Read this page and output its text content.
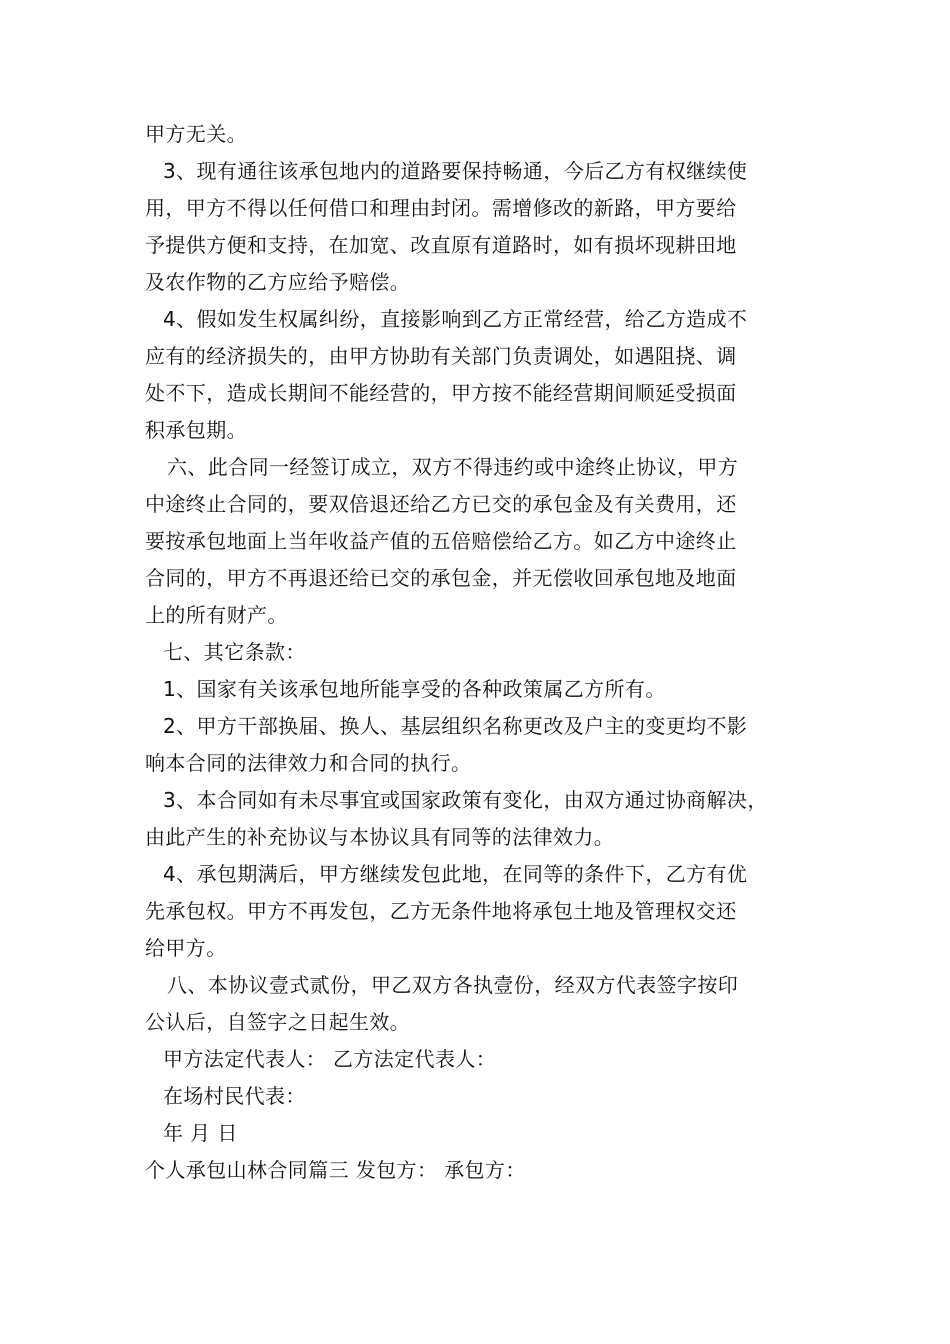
甲方无关。
3、现有通往该承包地内的道路要保持畅通，今后乙方有权继续使
用，甲方不得以任何借口和理由封闭。需增修改的新路，甲方要给
予提供方便和支持，在加宽、改直原有道路时，如有损坏现耕田地
及农作物的乙方应给予赔偿。
4、假如发生权属纠纷，直接影响到乙方正常经营，给乙方造成不
应有的经济损失的，由甲方协助有关部门负责调处，如遇阻挠、调
处不下，造成长期间不能经营的，甲方按不能经营期间顺延受损面
积承包期。
六、此合同一经签订成立，双方不得违约或中途终止协议，甲方
中途终止合同的，要双倍退还给乙方已交的承包金及有关费用，还
要按承包地面上当年收益产值的五倍赔偿给乙方。如乙方中途终止
合同的，甲方不再退还给已交的承包金，并无偿收回承包地及地面
上的所有财产。
七、其它条款：
1、国家有关该承包地所能享受的各种政策属乙方所有。
2、甲方干部换届、换人、基层组织名称更改及户主的变更均不影
响本合同的法律效力和合同的执行。
3、本合同如有未尽事宜或国家政策有变化，由双方通过协商解决，
由此产生的补充协议与本协议具有同等的法律效力。
4、承包期满后，甲方继续发包此地，在同等的条件下，乙方有优
先承包权。甲方不再发包，乙方无条件地将承包土地及管理权交还
给甲方。
八、本协议壹式贰份，甲乙双方各执壹份，经双方代表签字按印
公认后，自签字之日起生效。
甲方法定代表人： 乙方法定代表人：
在场村民代表：
年 月 日
个人承包山林合同篇三 发包方： 承包方：
